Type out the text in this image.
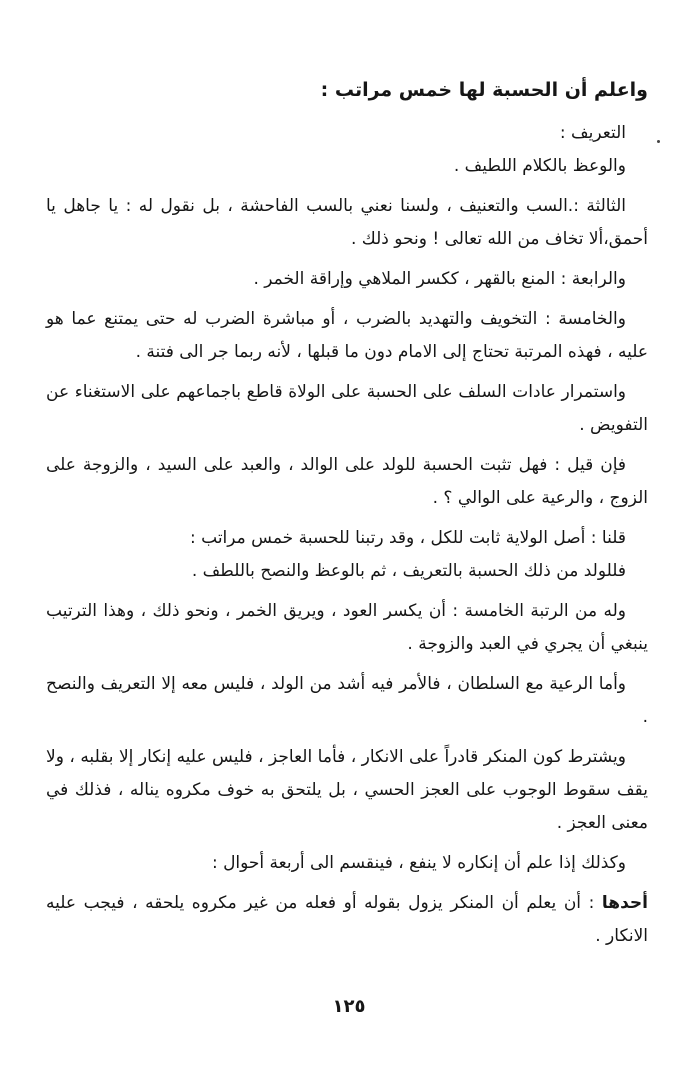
واعلم أن الحسبة لها خمس مراتب :

التعريف :

والوعظ بالكلام اللطيف .

الثالثة :.السب والتعنيف ، ولسنا نعني بالسب الفاحشة ، بل نقول له : يا جاهل يا أحمق،ألا تخاف من الله تعالى ! ونحو ذلك .

والرابعة : المنع بالقهر ، ككسر الملاهي وإراقة الخمر .

والخامسة : التخويف والتهديد بالضرب ، أو مباشرة الضرب له حتى يمتنع عما هو عليه ، فهذه المرتبة تحتاج إلى الامام دون ما قبلها ، لأنه ربما جر الى فتنة .

واستمرار عادات السلف على الحسبة على الولاة قاطع باجماعهم على الاستغناء عن التفويض .

فإن قيل : فهل تثبت الحسبة للولد على الوالد ، والعبد على السيد ، والزوجة على الزوج ، والرعية على الوالي ؟ .

قلنا : أصل الولاية ثابت للكل ، وقد رتبنا للحسبة خمس مراتب :

فللولد من ذلك الحسبة بالتعريف ، ثم بالوعظ والنصح باللطف .

وله من الرتبة الخامسة : أن يكسر العود ، ويريق الخمر ، ونحو ذلك ، وهذا الترتيب ينبغي أن يجري في العبد والزوجة .

وأما الرعية مع السلطان ، فالأمر فيه أشد من الولد ، فليس معه إلا التعريف والنصح .

ويشترط كون المنكر قادراً على الانكار ، فأما العاجز ، فليس عليه إنكار إلا بقلبه ، ولا يقف سقوط الوجوب على العجز الحسي ، بل يلتحق به خوف مكروه يناله ، فذلك في معنى العجز .

وكذلك إذا علم أن إنكاره لا ينفع ، فينقسم الى أربعة أحوال :

أحدها : أن يعلم أن المنكر يزول بقوله أو فعله من غير مكروه يلحقه ، فيجب عليه الانكار .

١٢٥
